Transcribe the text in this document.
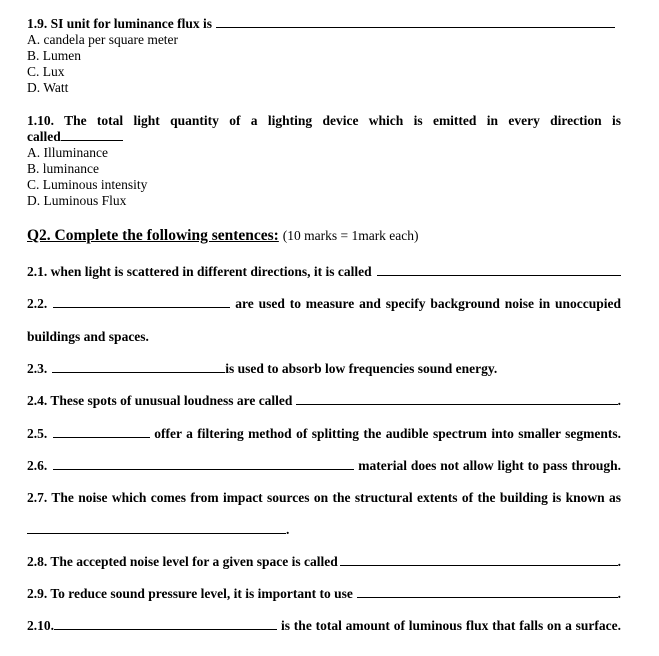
1.9. SI unit for luminance flux is
A. candela per square meter
B. Lumen
C. Lux
D. Watt
1.10. The total light quantity of a lighting device which is emitted in every direction is
called
A. Illuminance
B. luminance
C. Luminous intensity
D. Luminous Flux
Q2. Complete the following sentences: (10 marks = 1mark each)
2.1. when light is scattered in different directions, it is called
2.2.	are used to measure and specify background noise in unoccupied
buildings and spaces.
2.3.	is used to absorb low frequencies sound energy.
2.4. These spots of unusual loudness are called	.
2.5.	offer a filtering method of splitting the audible spectrum into smaller segments.
2.6.	material does not allow light to pass through.
2.7. The noise which comes from impact sources on the structural extents of the building is known as
.
2.8. The accepted noise level for a given space is called	.
2.9. To reduce sound pressure level, it is important to use	.
2.10.	is the total amount of luminous flux that falls on a surface.
